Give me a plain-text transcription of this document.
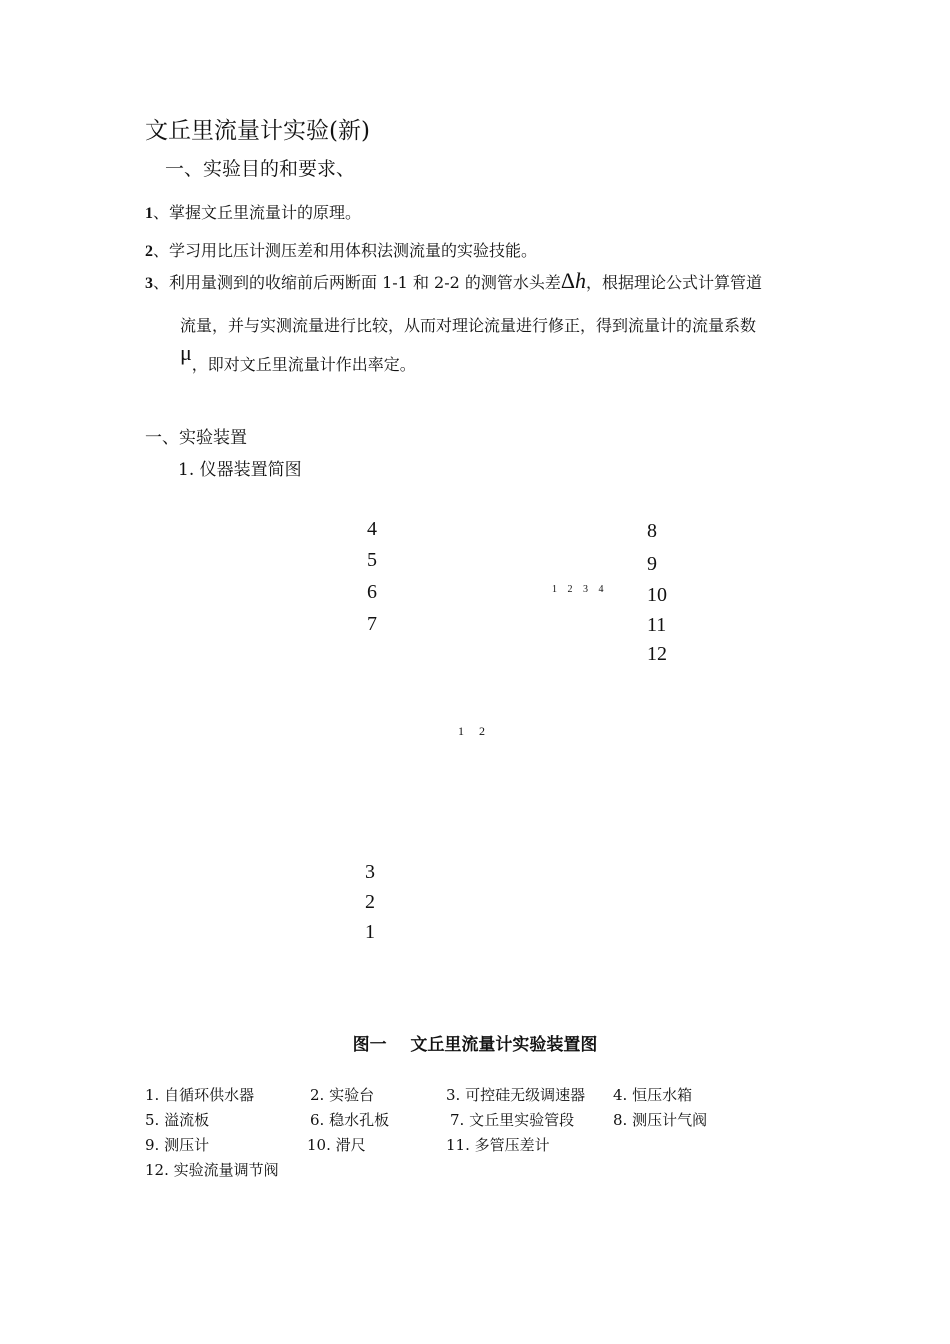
文丘里流量计实验(新)
一、实验目的和要求、
1、掌握文丘里流量计的原理。
2、学习用比压计测压差和用体积法测流量的实验技能。
3、利用量测到的收缩前后两断面 1-1 和 2-2 的测管水头差Δh，根据理论公式计算管道
流量，并与实测流量进行比较，从而对理论流量进行修正，得到流量计的流量系数
μ，即对文丘里流量计作出率定。
一、实验装置
1. 仪器装置简图
4
5
6
7
8
9
10
11
12
1 2 3 4
1 2
3
2
1
图一 文丘里流量计实验装置图
1. 自循环供水器	2. 实验台	3. 可控硅无级调速器 4. 恒压水箱
5. 溢流板	6. 稳水孔板	7. 文丘里实验管段	8. 测压计气阀
9. 测压计	10. 滑尺	11. 多管压差计
12. 实验流量调节阀
